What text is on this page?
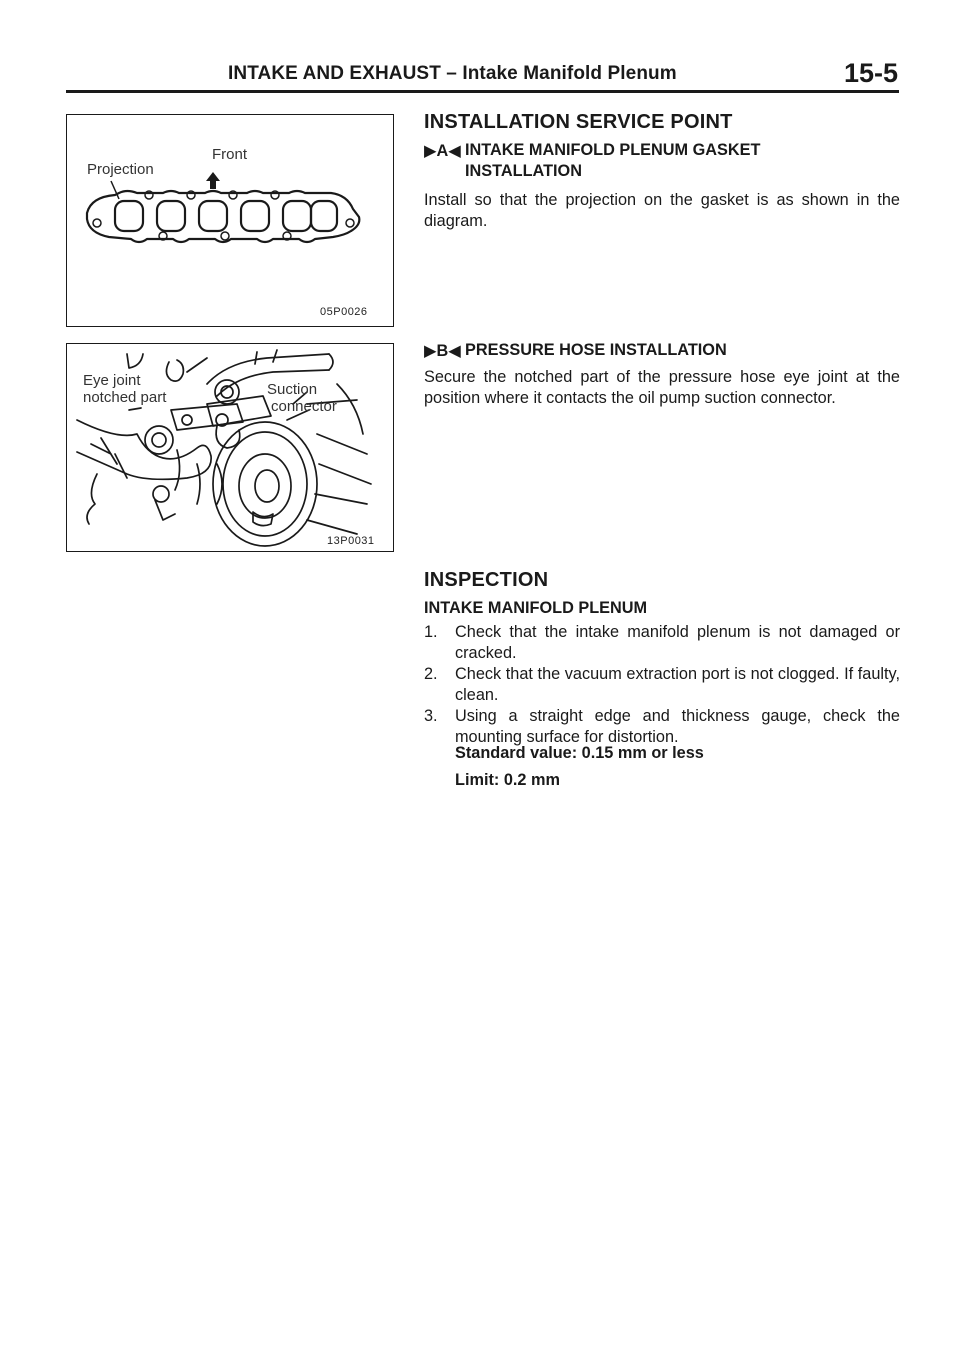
INTAKE AND EXHAUST – Intake Manifold Plenum	15-5
Projection
Front
05P0026
Eye joint
notched part	Suction
connector
13P0031
INSTALLATION SERVICE POINT
▶A◀ INTAKE MANIFOLD PLENUM GASKET
INSTALLATION
Install so that the projection on the gasket is as shown in the diagram.
▶B◀ PRESSURE HOSE INSTALLATION
Secure the notched part of the pressure hose eye joint at the position where it contacts the oil pump suction connector.
INSPECTION
INTAKE MANIFOLD PLENUM
1. Check that the intake manifold plenum is not damaged or cracked.
2. Check that the vacuum extraction port is not clogged. If faulty, clean.
3. Using a straight edge and thickness gauge, check the mounting surface for distortion.
Standard value: 0.15 mm or less
Limit: 0.2 mm
